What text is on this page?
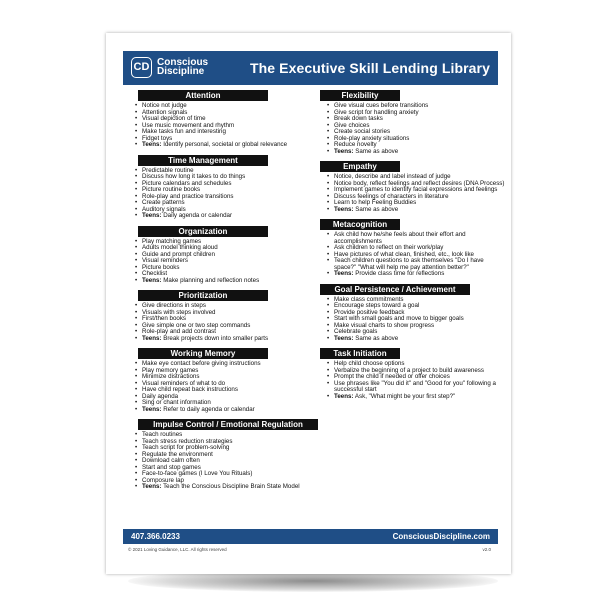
CD Conscious
Discipline	The Executive Skill Lending Library
Attention
• Notice not judge
• Attention signals
• Visual depiction of time
• Use music movement and rhythm
• Make tasks fun and interesting
• Fidget toys
• Teens: Identify personal, societal or global relevance
Time Management
• Predictable routine
• Discuss how long it takes to do things
• Picture calendars and schedules
• Picture routine books
• Role-play and practice transitions
• Create patterns
• Auditory signals
• Teens: Daily agenda or calendar
Organization
• Play matching games
• Adults model thinking aloud
• Guide and prompt children
• Visual reminders
• Picture books
• Checklist
• Teens: Make planning and reflection notes
Prioritization
• Give directions in steps
• Visuals with steps involved
• First/then books
• Give simple one or two step commands
• Role-play and add contrast
• Teens: Break projects down into smaller parts
Working Memory
• Make eye contact before giving instructions
• Play memory games
• Minimize distractions
• Visual reminders of what to do
• Have child repeat back instructions
• Daily agenda
• Sing or chant information
• Teens: Refer to daily agenda or calendar
Impulse Control / Emotional Regulation
• Teach routines
• Teach stress reduction strategies
• Teach script for problem-solving
• Regulate the environment
• Download calm often
• Start and stop games
• Face-to-face games (I Love You Rituals)
• Composure lap
• Teens: Teach the Conscious Discipline Brain State Model
Flexibility
• Give visual cues before transitions
• Give script for handling anxiety
• Break down tasks
• Give choices
• Create social stories
• Role-play anxiety situations
• Reduce novelty
• Teens: Same as above
Empathy
• Notice, describe and label instead of judge
• Notice body, reflect feelings and reflect desires (DNA Process)
• Implement games to identify facial expressions and feelings
• Discuss feelings of characters in literature
• Learn to help Feeling Buddies
• Teens: Same as above
Metacognition
• Ask child how he/she feels about their effort and accomplishments
• Ask children to reflect on their work/play
• Have pictures of what clean, finished, etc., look like
• Teach children questions to ask themselves "Do I have space?" "What will help me pay attention better?"
• Teens: Provide class time for reflections
Goal Persistence / Achievement
• Make class commitments
• Encourage steps toward a goal
• Provide positive feedback
• Start with small goals and move to bigger goals
• Make visual charts to show progress
• Celebrate goals
• Teens: Same as above
Task Initiation
• Help child choose options
• Verbalize the beginning of a project to build awareness
• Prompt the child if needed or offer choices
• Use phrases like "You did it" and "Good for you" following a successful start
• Teens: Ask, "What might be your first step?"
407.366.0233	ConsciousDiscipline.com
© 2021 Loving Guidance, LLC. All rights reserved	v2.0
